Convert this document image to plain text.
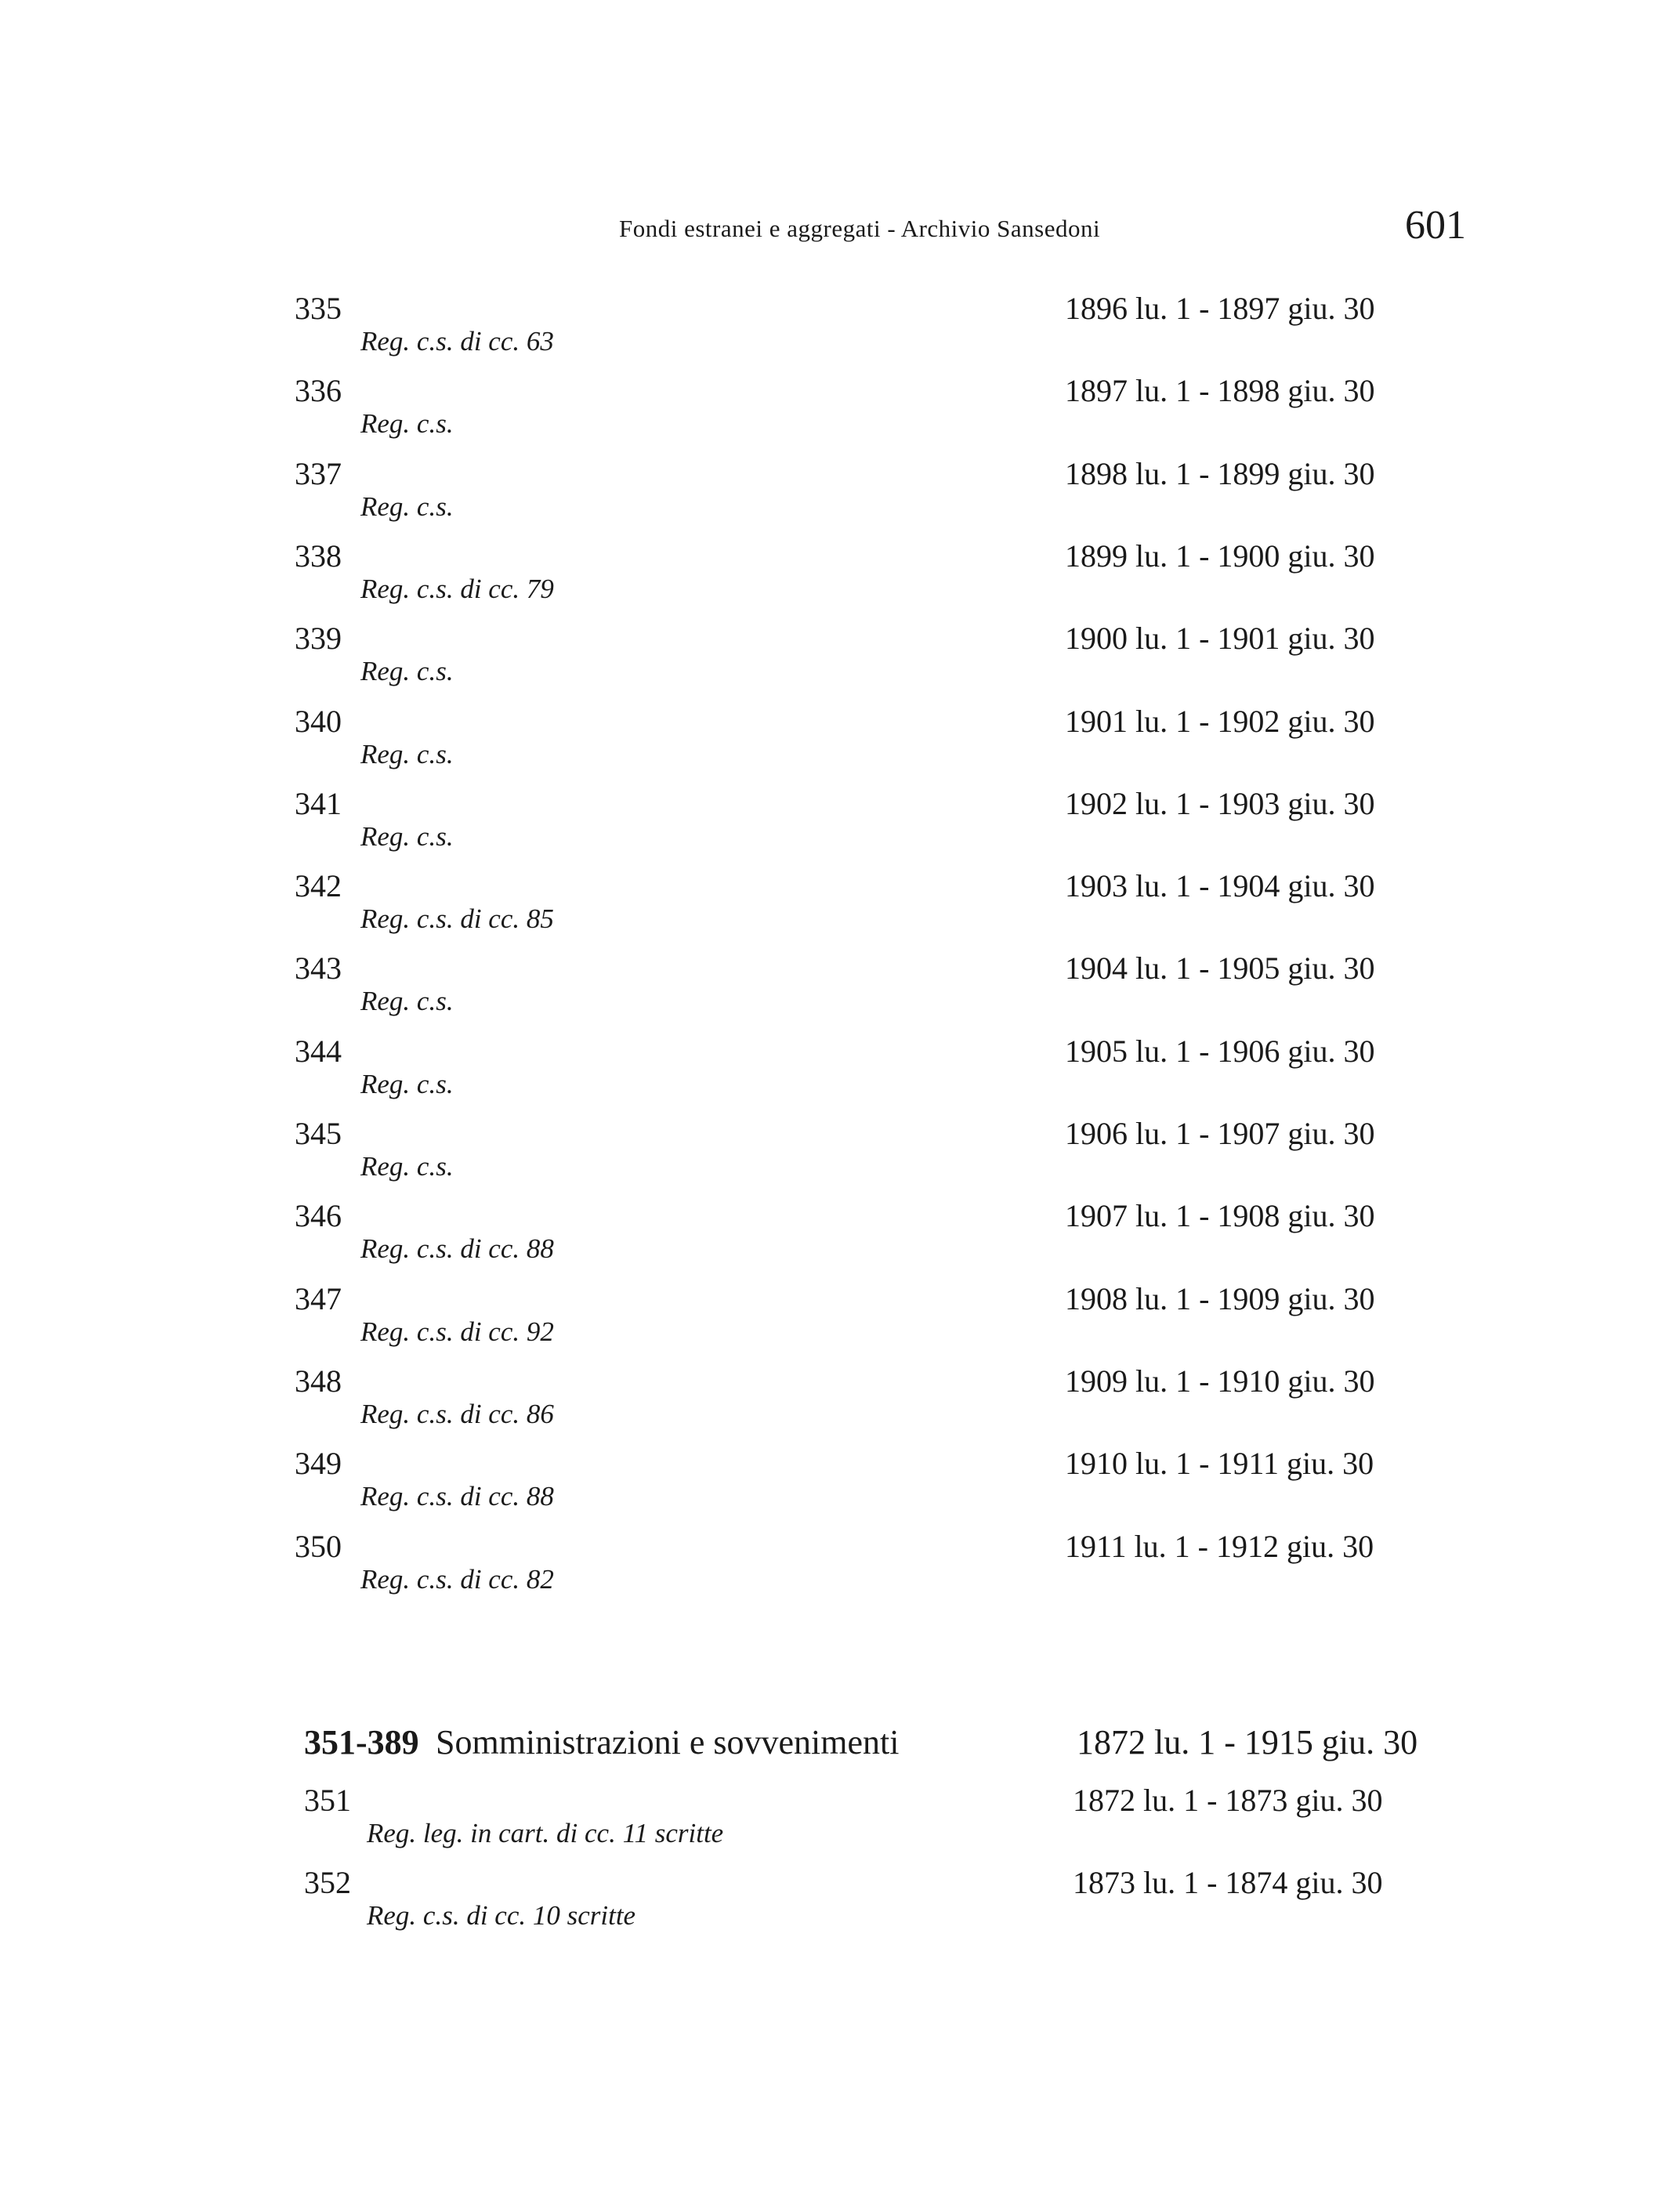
Fondi estranei e aggregati - Archivio Sansedoni	601
335
Reg. c.s. di cc. 63
1896 lu. 1 - 1897 giu. 30
336
Reg. c.s.
1897 lu. 1 - 1898 giu. 30
337
Reg. c.s.
1898 lu. 1 - 1899 giu. 30
338
Reg. c.s. di cc. 79
1899 lu. 1 - 1900 giu. 30
339
Reg. c.s.
1900 lu. 1 - 1901 giu. 30
340
Reg. c.s.
1901 lu. 1 - 1902 giu. 30
341
Reg. c.s.
1902 lu. 1 - 1903 giu. 30
342
Reg. c.s. di cc. 85
1903 lu. 1 - 1904 giu. 30
343
Reg. c.s.
1904 lu. 1 - 1905 giu. 30
344
Reg. c.s.
1905 lu. 1 - 1906 giu. 30
345
Reg. c.s.
1906 lu. 1 - 1907 giu. 30
346
Reg. c.s. di cc. 88
1907 lu. 1 - 1908 giu. 30
347
Reg. c.s. di cc. 92
1908 lu. 1 - 1909 giu. 30
348
Reg. c.s. di cc. 86
1909 lu. 1 - 1910 giu. 30
349
Reg. c.s. di cc. 88
1910 lu. 1 - 1911 giu. 30
350
Reg. c.s. di cc. 82
1911 lu. 1 - 1912 giu. 30
351-389 Somministrazioni e sovvenimenti	1872 lu. 1 - 1915 giu. 30
351
Reg. leg. in cart. di cc. 11 scritte
1872 lu. 1 - 1873 giu. 30
352
Reg. c.s. di cc. 10 scritte
1873 lu. 1 - 1874 giu. 30
